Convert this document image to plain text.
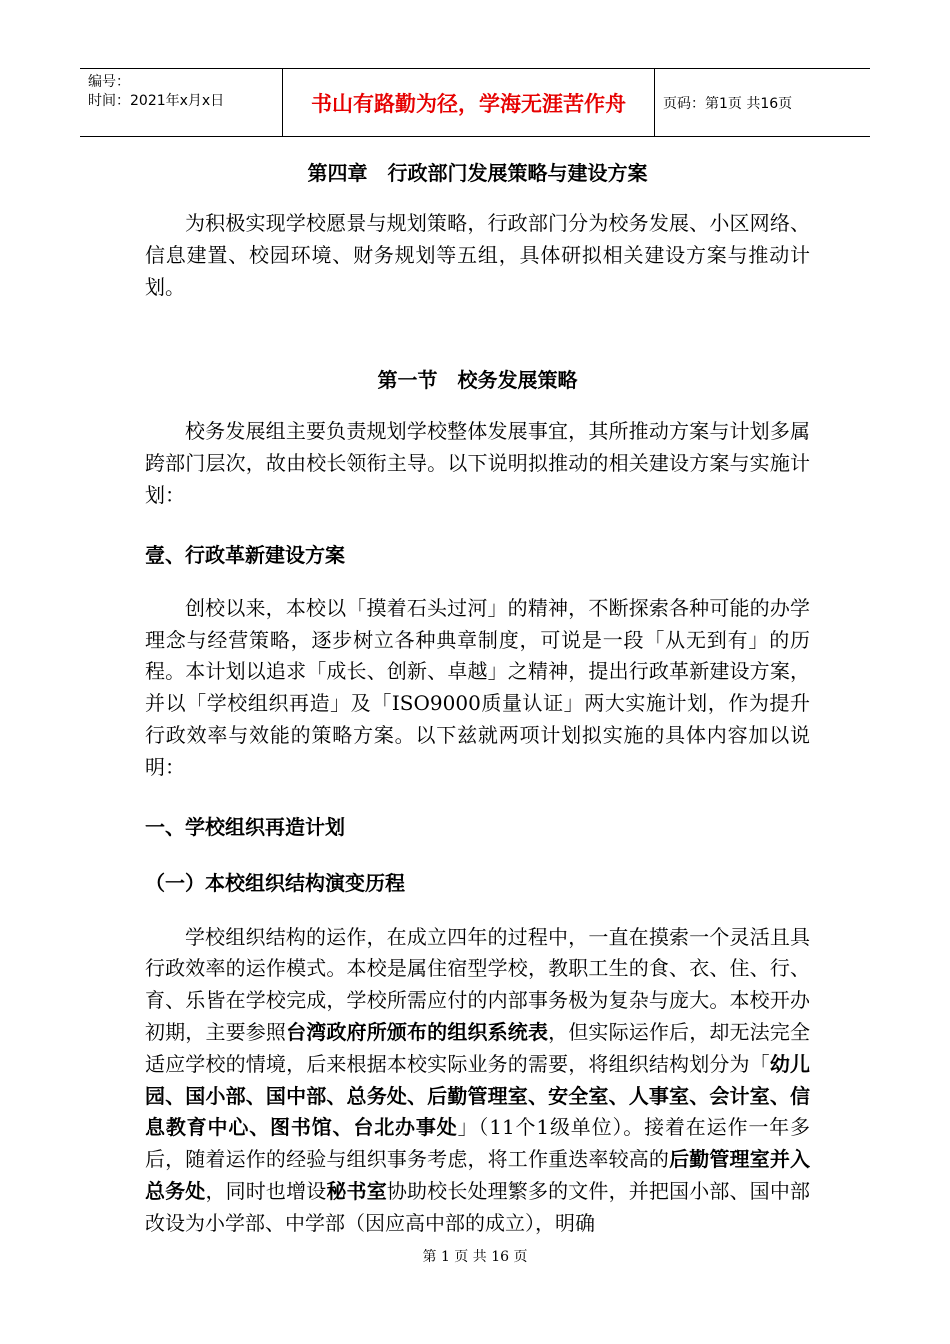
编号：
时间：2021年x月x日	书山有路勤为径，学海无涯苦作舟	页码：第1页 共16页

第四章　行政部门发展策略与建设方案

为积极实现学校愿景与规划策略，行政部门分为校务发展、小区网络、信息建置、校园环境、财务规划等五组，具体研拟相关建设方案与推动计划。

第一节　校务发展策略

校务发展组主要负责规划学校整体发展事宜，其所推动方案与计划多属跨部门层次，故由校长领衔主导。以下说明拟推动的相关建设方案与实施计划：

壹、行政革新建设方案

创校以来，本校以「摸着石头过河」的精神，不断探索各种可能的办学理念与经营策略，逐步树立各种典章制度，可说是一段「从无到有」的历程。本计划以追求「成长、创新、卓越」之精神，提出行政革新建设方案，并以「学校组织再造」及「ISO9000质量认证」两大实施计划，作为提升行政效率与效能的策略方案。以下兹就两项计划拟实施的具体内容加以说明：

一、学校组织再造计划

（一）本校组织结构演变历程

学校组织结构的运作，在成立四年的过程中，一直在摸索一个灵活且具行政效率的运作模式。本校是属住宿型学校，教职工生的食、衣、住、行、育、乐皆在学校完成，学校所需应付的内部事务极为复杂与庞大。本校开办初期，主要参照台湾政府所颁布的组织系统表，但实际运作后，却无法完全适应学校的情境，后来根据本校实际业务的需要，将组织结构划分为「幼儿园、国小部、国中部、总务处、后勤管理室、安全室、人事室、会计室、信息教育中心、图书馆、台北办事处」（11个1级单位）。接着在运作一年多后，随着运作的经验与组织事务考虑，将工作重迭率较高的后勤管理室并入总务处，同时也增设秘书室协助校长处理繁多的文件，并把国小部、国中部改设为小学部、中学部（因应高中部的成立），明确

第 1 页 共 16 页
